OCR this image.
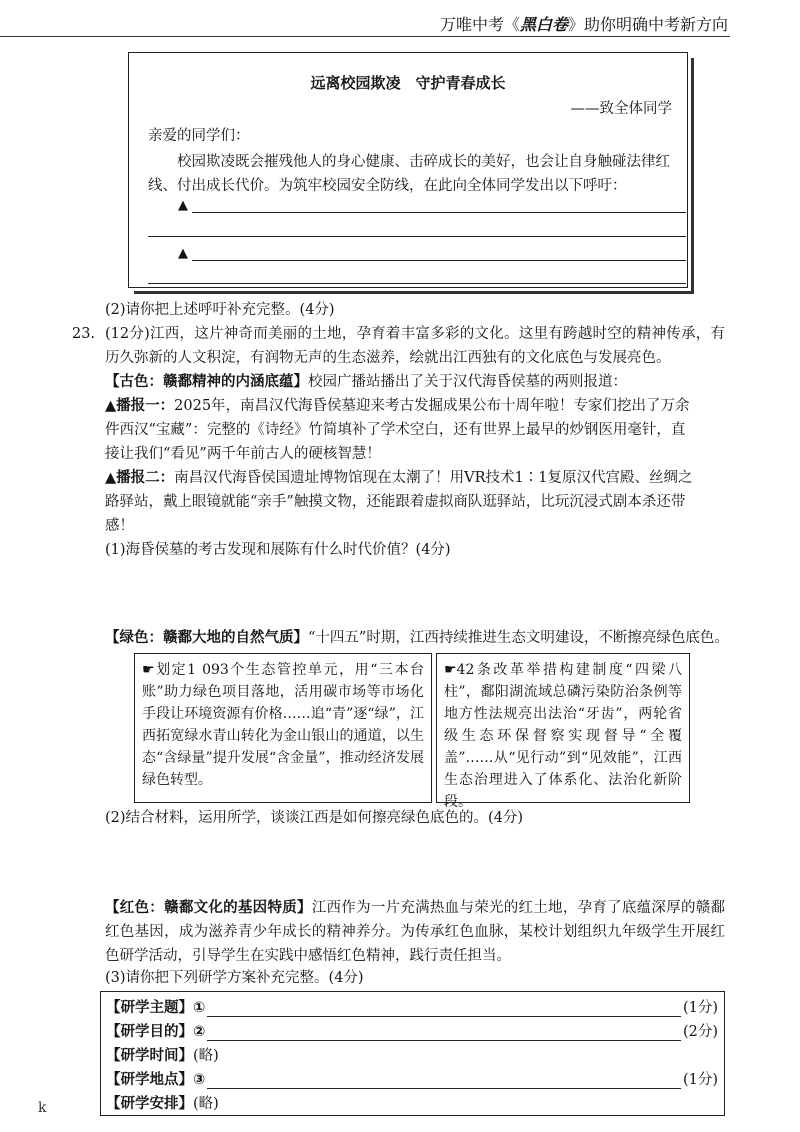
万唯中考《黑白卷》助你明确中考新方向
远离校园欺凌　守护青春成长
——致全体同学
亲爱的同学们：
校园欺凌既会摧残他人的身心健康、击碎成长的美好，也会让自身触碰法律红线、付出成长代价。为筑牢校园安全防线，在此向全体同学发出以下呼吁：
▲
▲
(2)请你把上述呼吁补充完整。(4分)
23. (12分)江西，这片神奇而美丽的土地，孕育着丰富多彩的文化。这里有跨越时空的精神传承，有历久弥新的人文积淀，有润物无声的生态滋养，绘就出江西独有的文化底色与发展亮色。
【古色：赣鄱精神的内涵底蕴】校园广播站播出了关于汉代海昏侯墓的两则报道：
▲播报一：2025年，南昌汉代海昏侯墓迎来考古发掘成果公布十周年啦！专家们挖出了万余件西汉“宝藏”：完整的《诗经》竹简填补了学术空白，还有世界上最早的炒钢医用毫针，直接让我们“看见”两千年前古人的硬核智慧！
▲播报二：南昌汉代海昏侯国遗址博物馆现在太潮了！用VR技术1∶1复原汉代宫殿、丝绸之路驿站，戴上眼镜就能“亲手”触摸文物，还能跟着虚拟商队逛驿站，比玩沉浸式剧本杀还带感！
(1)海昏侯墓的考古发现和展陈有什么时代价值？(4分)
【绿色：赣鄱大地的自然气质】“十四五”时期，江西持续推进生态文明建设，不断擦亮绿色底色。
☛划定1 093个生态管控单元，用“三本台账”助力绿色项目落地，活用碳市场等市场化手段让环境资源有价格……追“青”逐“绿”，江西拓宽绿水青山转化为金山银山的通道，以生态“含绿量”提升发展“含金量”，推动经济发展绿色转型。
☛42条改革举措构建制度“四梁八柱”，鄱阳湖流域总磷污染防治条例等地方性法规亮出法治“牙齿”，两轮省级生态环保督察实现督导“全覆盖”……从“见行动”到“见效能”，江西生态治理进入了体系化、法治化新阶段。
(2)结合材料，运用所学，谈谈江西是如何擦亮绿色底色的。(4分)
【红色：赣鄱文化的基因特质】江西作为一片充满热血与荣光的红土地，孕育了底蕴深厚的赣鄱红色基因，成为滋养青少年成长的精神养分。为传承红色血脉，某校计划组织九年级学生开展红色研学活动，引导学生在实践中感悟红色精神，践行责任担当。
(3)请你把下列研学方案补充完整。(4分)
【研学主题】①	(1分)
【研学目的】②	(2分)
【研学时间】 (略)
【研学地点】③	(1分)
【研学安排】 (略)
k
